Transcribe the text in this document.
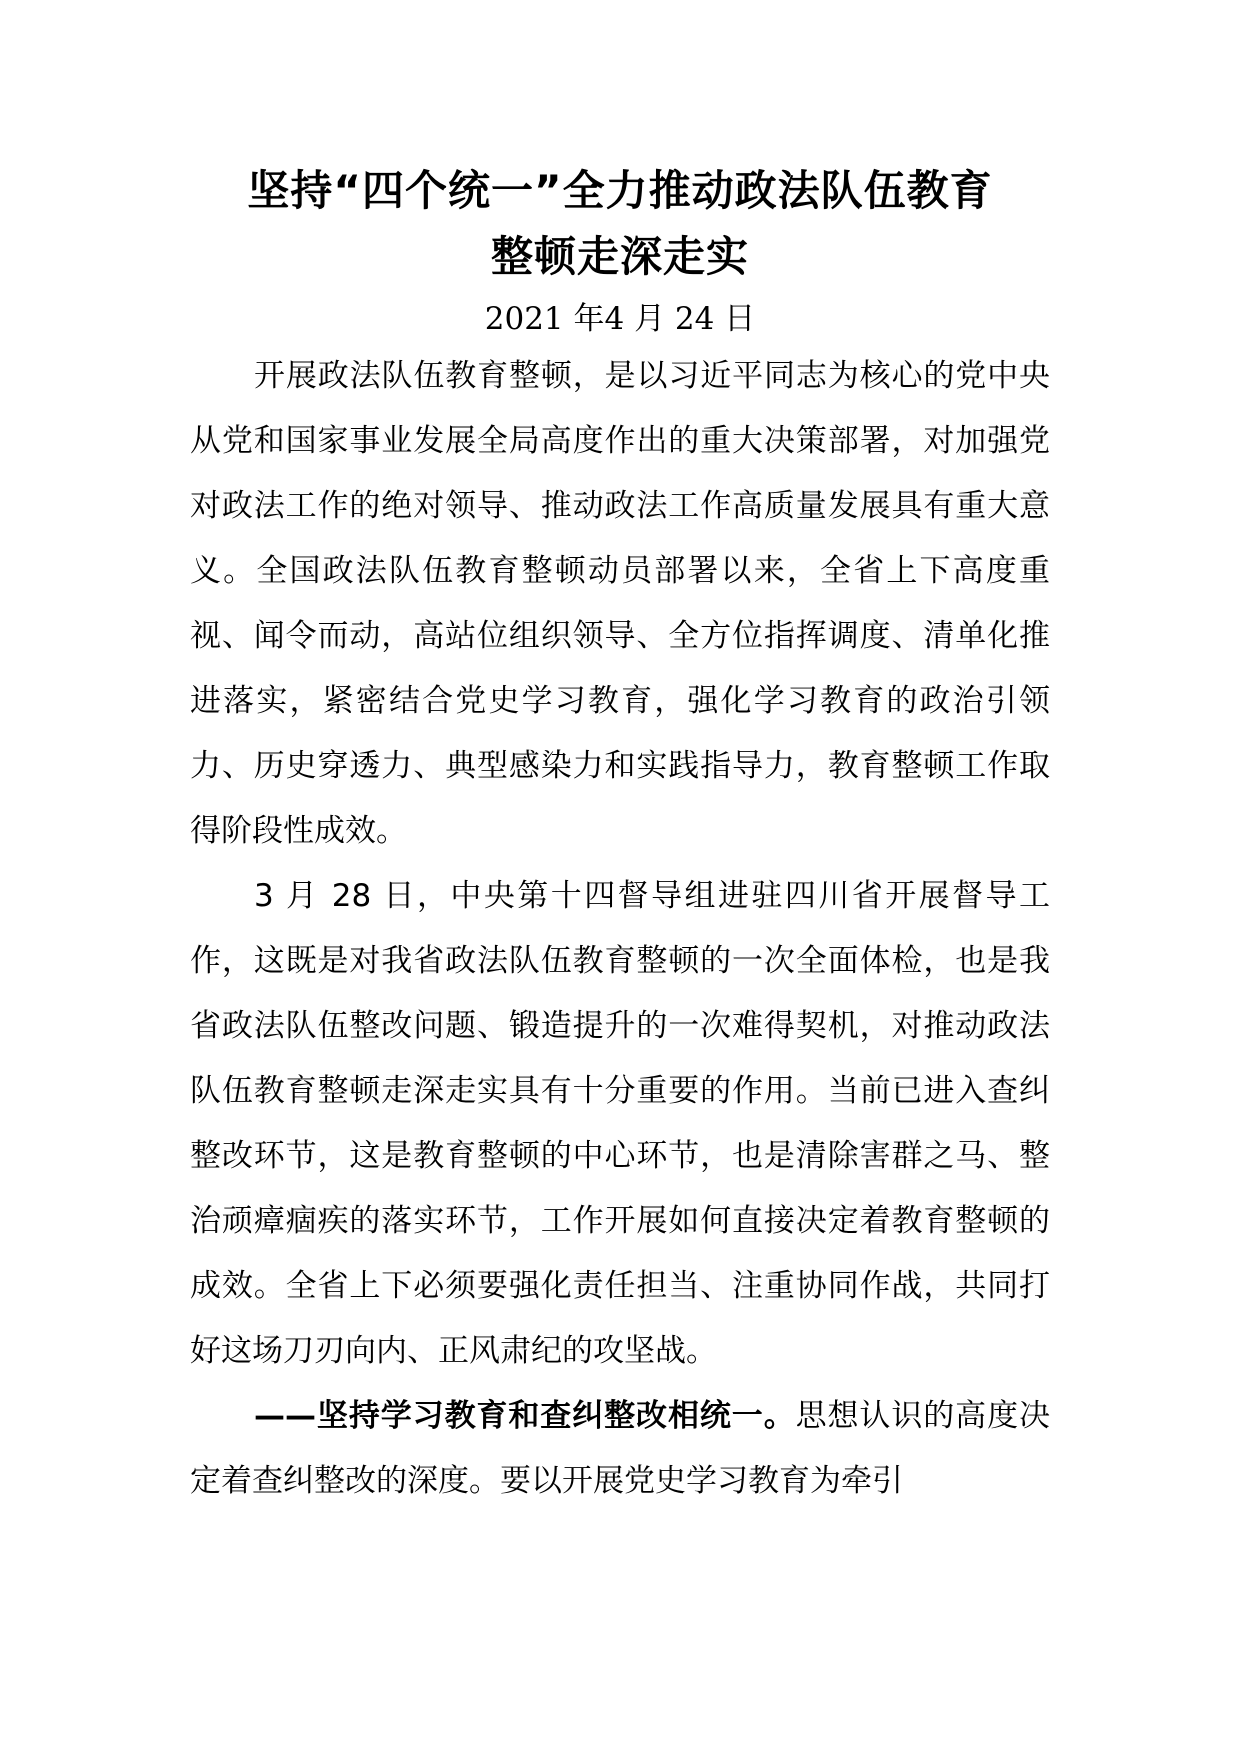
坚持“四个统一”全力推动政法队伍教育
整顿走深走实

2021 年4 月 24 日

开展政法队伍教育整顿，是以习近平同志为核心的党中央从党和国家事业发展全局高度作出的重大决策部署，对加强党对政法工作的绝对领导、推动政法工作高质量发展具有重大意义。全国政法队伍教育整顿动员部署以来，全省上下高度重视、闻令而动，高站位组织领导、全方位指挥调度、清单化推进落实，紧密结合党史学习教育，强化学习教育的政治引领力、历史穿透力、典型感染力和实践指导力，教育整顿工作取得阶段性成效。

3 月 28 日，中央第十四督导组进驻四川省开展督导工作，这既是对我省政法队伍教育整顿的一次全面体检，也是我省政法队伍整改问题、锻造提升的一次难得契机，对推动政法队伍教育整顿走深走实具有十分重要的作用。当前已进入查纠整改环节，这是教育整顿的中心环节，也是清除害群之马、整治顽瘴痼疾的落实环节，工作开展如何直接决定着教育整顿的成效。全省上下必须要强化责任担当、注重协同作战，共同打好这场刀刃向内、正风肃纪的攻坚战。

——坚持学习教育和查纠整改相统一。思想认识的高度决定着查纠整改的深度。要以开展党史学习教育为牵引
